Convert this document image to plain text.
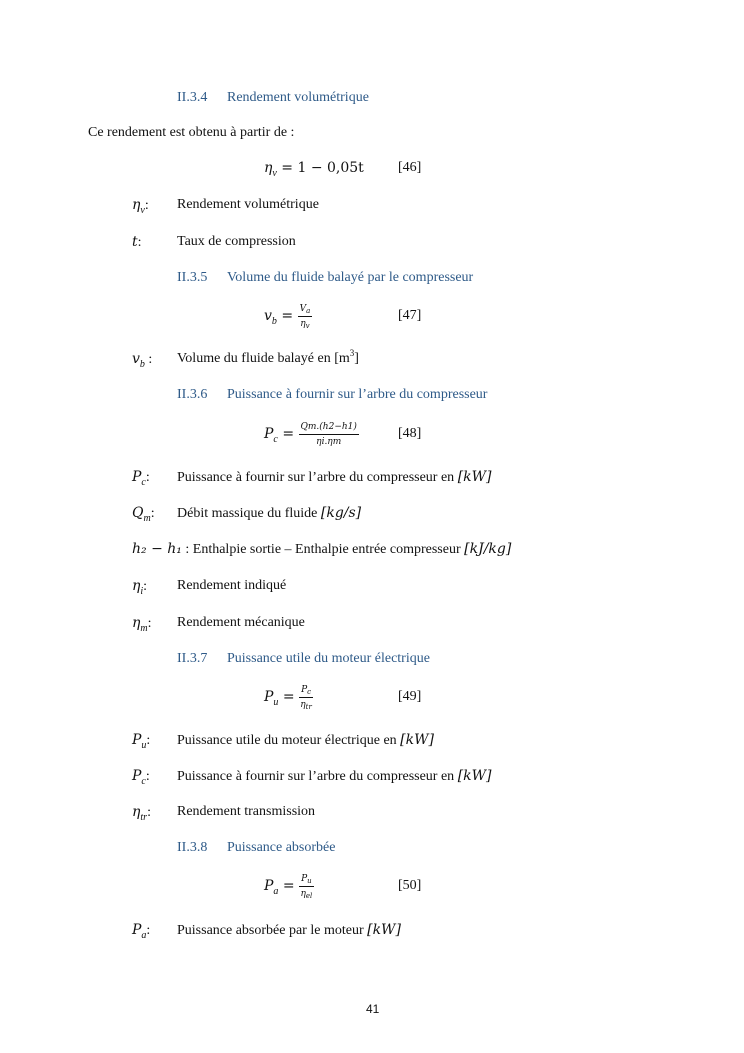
II.3.4 Rendement volumétrique
Ce rendement est obtenu à partir de :
$\eta_v = 1 - 0,05t$ [46]
$\eta_v$: Rendement volumétrique
t:	Taux de compression
II.3.5 Volume du fluide balayé par le compresseur
$v_b = \frac{V_a}{\eta_v}$	[47]
$v_b$ : Volume du fluide balayé en $[m^3]$
II.3.6 Puissance à fournir sur l’arbre du compresseur
$P_c = \frac{Qm.(h2-h1)}{\eta i.\eta m}$	[48]
$P_c$: Puissance à fournir sur l’arbre du compresseur en [kW]
$Q_m$: Débit massique du fluide [kg/s]
h₂ − h₁ : Enthalpie sortie – Enthalpie entrée compresseur [kJ/kg]
$\eta_i$: Rendement indiqué
$\eta_m$: Rendement mécanique
II.3.7 Puissance utile du moteur électrique
$P_u = \frac{P_c}{\eta_{tr}}$	[49]
$P_u$: Puissance utile du moteur électrique en [kW]
$P_c$: Puissance à fournir sur l’arbre du compresseur en [kW]
$\eta_{tr}$: Rendement transmission
II.3.8 Puissance absorbée
$P_a = \frac{P_u}{\eta_{el}}$	[50]
$P_a$: Puissance absorbée par le moteur [kW]
41
